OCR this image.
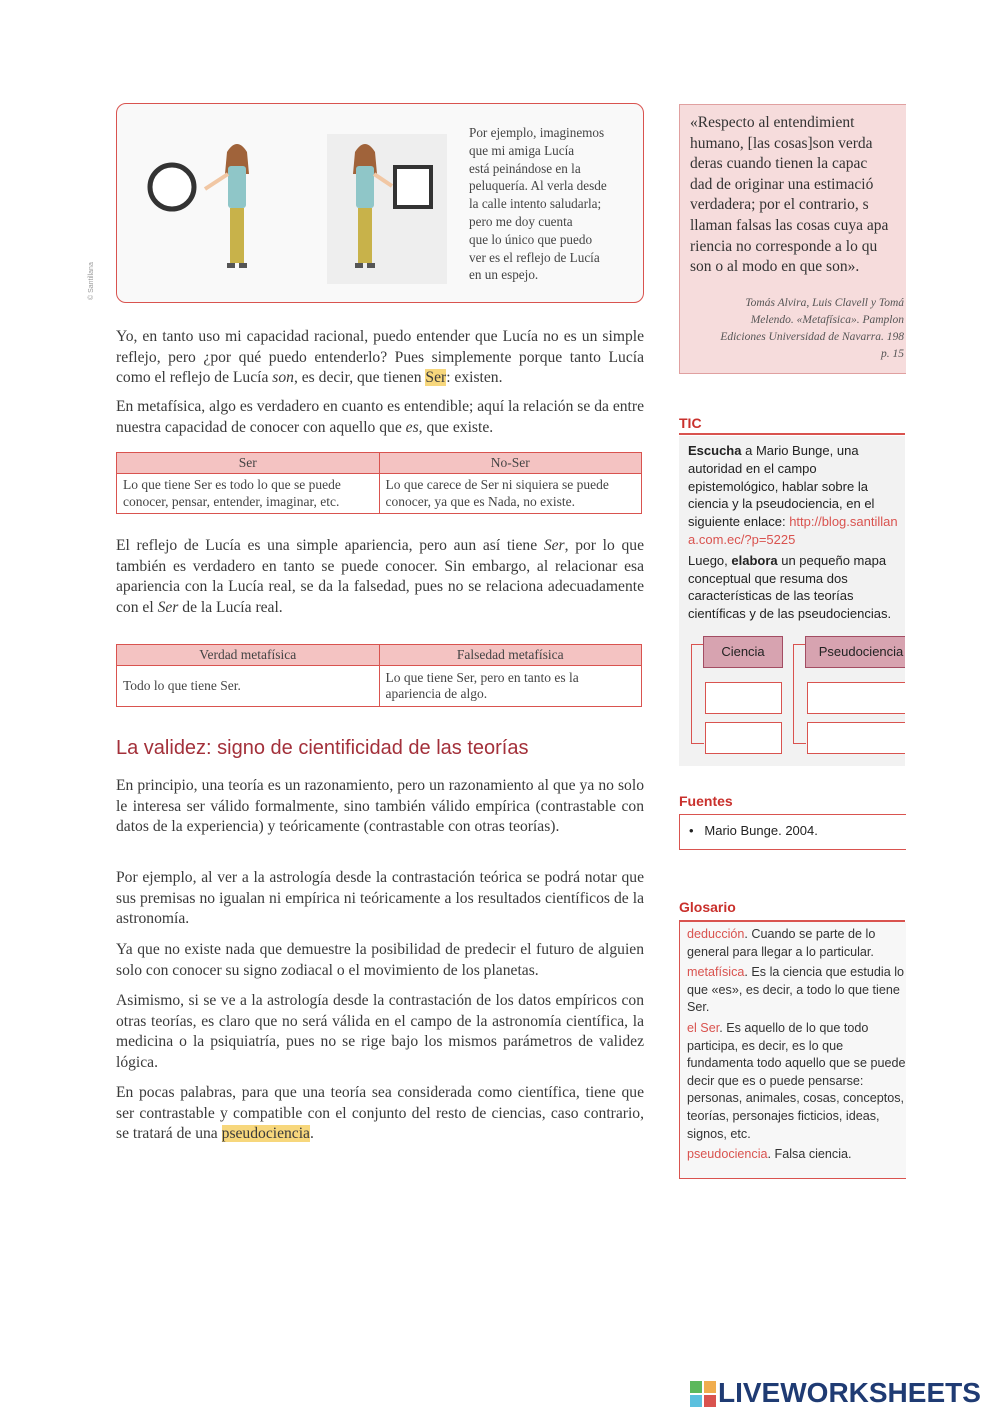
Por ejemplo, imaginemos
que mi amiga Lucía
está peinándose en la
peluquería. Al verla desde
la calle intento saludarla;
pero me doy cuenta
que lo único que puedo
ver es el reflejo de Lucía
en un espejo.
© Santillana
Yo, en tanto uso mi capacidad racional, puedo entender que Lucía no es un simple reflejo, pero ¿por qué puedo entenderlo? Pues simplemente porque tanto Lucía como el reflejo de Lucía son, es decir, que tienen Ser: existen.
En metafísica, algo es verdadero en cuanto es entendible; aquí la relación se da entre nuestra capacidad de conocer con aquello que es, que existe.
Ser	No-Ser
Lo que tiene Ser es todo lo que se puede conocer, pensar, entender, imaginar, etc.	Lo que carece de Ser ni siquiera se puede conocer, ya que es Nada, no existe.
El reflejo de Lucía es una simple apariencia, pero aun así tiene Ser, por lo que también es verdadero en tanto se puede conocer. Sin embargo, al relacionar esa apariencia con la Lucía real, se da la falsedad, pues no se relaciona adecuadamente con el Ser de la Lucía real.
Verdad metafísica	Falsedad metafísica
Todo lo que tiene Ser.	Lo que tiene Ser, pero en tanto es la apariencia de algo.
La validez: signo de cientificidad de las teorías
En principio, una teoría es un razonamiento, pero un razonamiento al que ya no solo le interesa ser válido formalmente, sino también válido empírica (contrastable con datos de la experiencia) y teóricamente (contrastable con otras teorías).
Por ejemplo, al ver a la astrología desde la contrastación teórica se podrá notar que sus premisas no igualan ni empírica ni teóricamente a los resultados científicos de la astronomía.
Ya que no existe nada que demuestre la posibilidad de predecir el futuro de alguien solo con conocer su signo zodiacal o el movimiento de los planetas.
Asimismo, si se ve a la astrología desde la contrastación de los datos empíricos con otras teorías, es claro que no será válida en el campo de la astronomía científica, la medicina o la psiquiatría, pues no se rige bajo los mismos parámetros de validez lógica.
En pocas palabras, para que una teoría sea considerada como científica, tiene que ser contrastable y compatible con el conjunto del resto de ciencias, caso contrario, se tratará de una pseudociencia.
«Respecto al entendimient
humano, [las cosas]son verda
deras cuando tienen la capac
dad de originar una estimació
verdadera; por el contrario, s
llaman falsas las cosas cuya apa
riencia no corresponde a lo qu
son o al modo en que son».
Tomás Alvira, Luis Clavell y Tomá
Melendo. «Metafísica». Pamplon
Ediciones Universidad de Navarra. 198
p. 15
TIC
Escucha a Mario Bunge, una autoridad en el campo epistemológico, hablar sobre la ciencia y la pseudociencia, en el siguiente enlace: http://blog.santillana.com.ec/?p=5225
Luego, elabora un pequeño mapa conceptual que resuma dos características de las teorías científicas y de las pseudociencias.
Ciencia	Pseudociencia
Fuentes
•   Mario Bunge. 2004.
Glosario
deducción. Cuando se parte de lo general para llegar a lo particular.
metafísica. Es la ciencia que estudia lo que «es», es decir, a todo lo que tiene Ser.
el Ser. Es aquello de lo que todo participa, es decir, es lo que fundamenta todo aquello que se puede decir que es o puede pensarse: personas, animales, cosas, conceptos, teorías, personajes ficticios, ideas, signos, etc.
pseudociencia. Falsa ciencia.
LIVEWORKSHEETS
